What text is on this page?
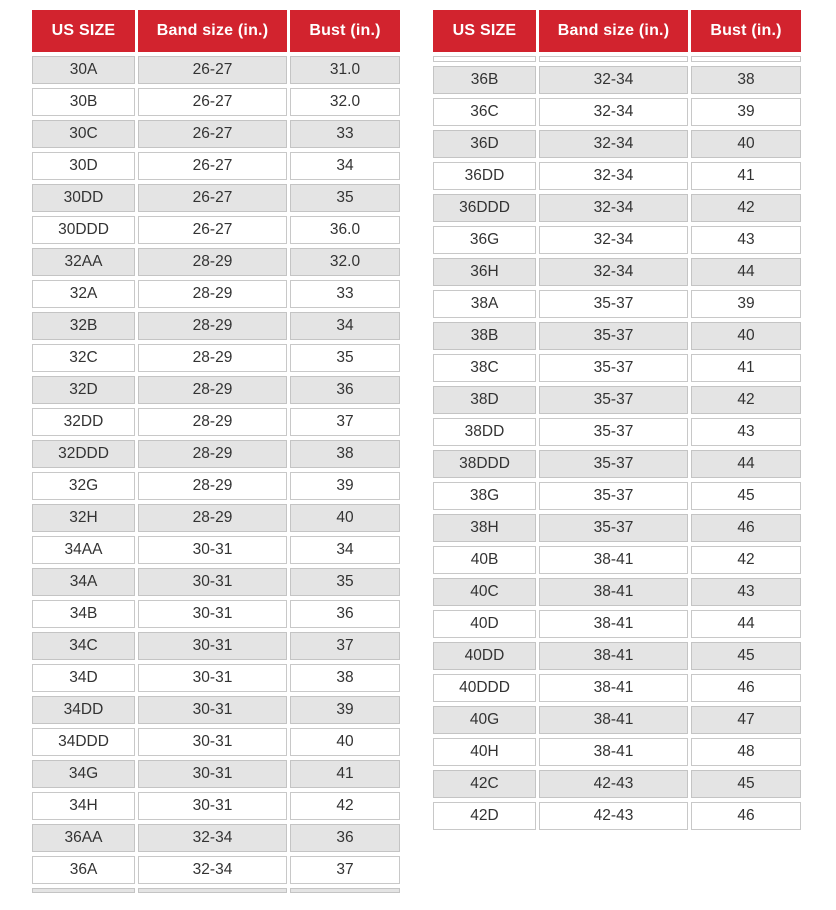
US SIZE	Band size (in.)	Bust (in.)
30A	26-27	31.0
30B	26-27	32.0
30C	26-27	33
30D	26-27	34
30DD	26-27	35
30DDD	26-27	36.0
32AA	28-29	32.0
32A	28-29	33
32B	28-29	34
32C	28-29	35
32D	28-29	36
32DD	28-29	37
32DDD	28-29	38
32G	28-29	39
32H	28-29	40
34AA	30-31	34
34A	30-31	35
34B	30-31	36
34C	30-31	37
34D	30-31	38
34DD	30-31	39
34DDD	30-31	40
34G	30-31	41
34H	30-31	42
36AA	32-34	36
36A	32-34	37
US SIZE	Band size (in.)	Bust (in.)
36B	32-34	38
36C	32-34	39
36D	32-34	40
36DD	32-34	41
36DDD	32-34	42
36G	32-34	43
36H	32-34	44
38A	35-37	39
38B	35-37	40
38C	35-37	41
38D	35-37	42
38DD	35-37	43
38DDD	35-37	44
38G	35-37	45
38H	35-37	46
40B	38-41	42
40C	38-41	43
40D	38-41	44
40DD	38-41	45
40DDD	38-41	46
40G	38-41	47
40H	38-41	48
42C	42-43	45
42D	42-43	46
